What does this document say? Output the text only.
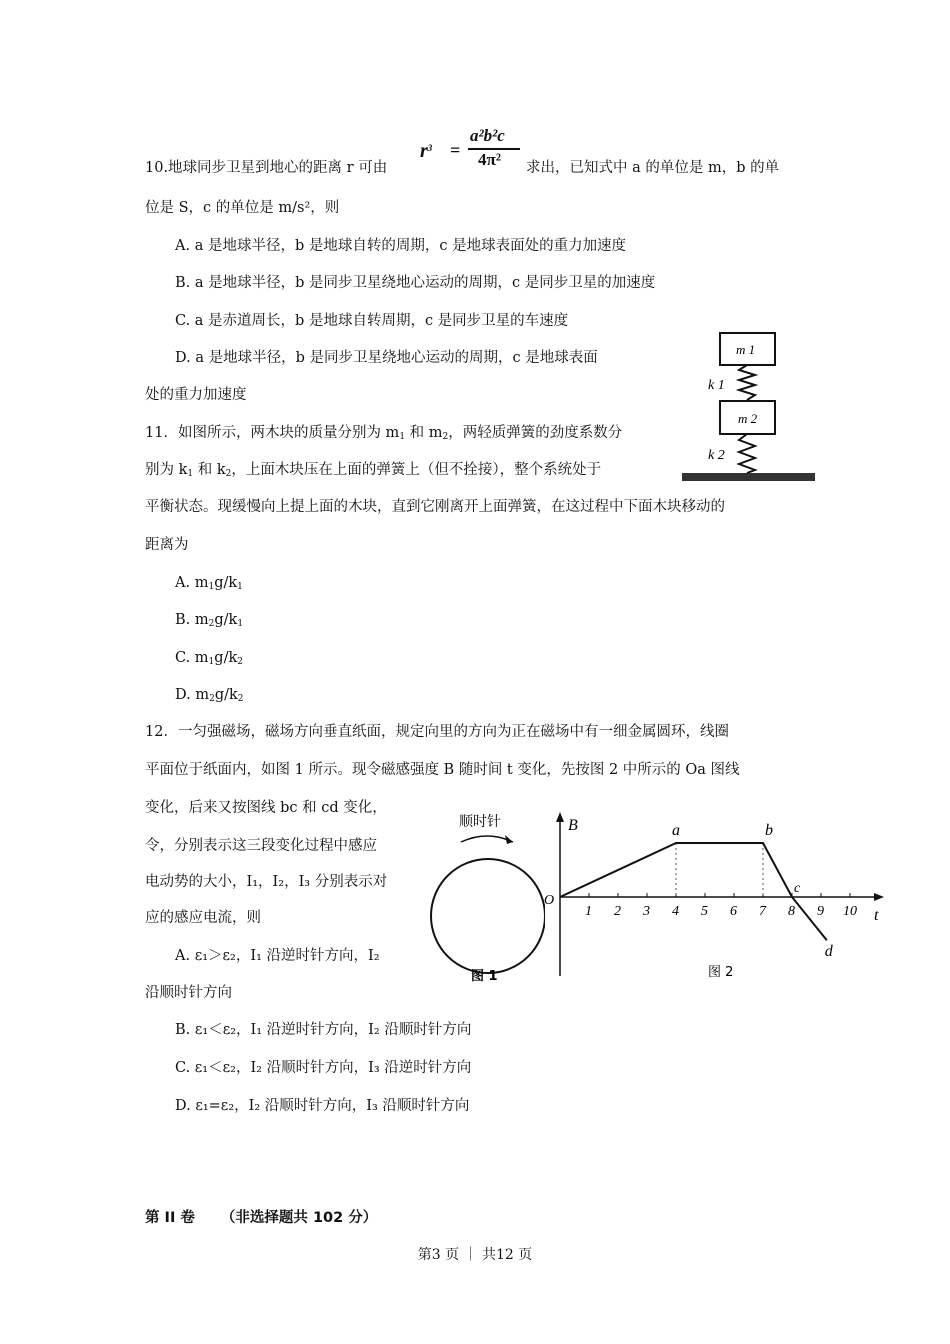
10.地球同步卫星到地心的距离 r 可由
$r^3$ =
a²b²c
4π² 求出，已知式中 a 的单位是 m，b 的单
位是 S，c 的单位是 m/s²，则
A. a 是地球半径，b 是地球自转的周期，c 是地球表面处的重力加速度
B. a 是地球半径，b 是同步卫星绕地心运动的周期，c 是同步卫星的加速度
C. a 是赤道周长，b 是地球自转周期，c 是同步卫星的车速度
D. a 是地球半径，b 是同步卫星绕地心运动的周期，c 是地球表面
处的重力加速度
11．如图所示，两木块的质量分别为 $m_1$ 和 $m_2$，两轻质弹簧的劲度系数分
别为 $k_1$ 和 $k_2$，上面木块压在上面的弹簧上（但不拴接），整个系统处于
平衡状态。现缓慢向上提上面的木块，直到它刚离开上面弹簧，在这过程中下面木块移动的
距离为
A. $m_1g/k_1$
B. $m_2g/k_1$
C. $m_1g/k_2$
D. $m_2g/k_2$
m 1
k 1
m 2
k 2
12．一匀强磁场，磁场方向垂直纸面，规定向里的方向为正在磁场中有一细金属圆环，线圈
平面位于纸面内，如图 1 所示。现令磁感强度 B 随时间 t 变化，先按图 2 中所示的 Oa 图线
变化，后来又按图线 bc 和 cd 变化，
令，分别表示这三段变化过程中感应
电动势的大小，I₁，I₂，I₃ 分别表示对
应的感应电流，则
A. ε₁＞ε₂，I₁ 沿逆时针方向，I₂
沿顺时针方向
B. ε₁＜ε₂，I₁ 沿逆时针方向，I₂ 沿顺时针方向
C. ε₁＜ε₂，I₂ 沿顺时针方向，I₃ 沿逆时针方向
D. ε₁=ε₂，I₂ 沿顺时针方向，I₃ 沿顺时针方向
顺时针
图 1
B
t
O
1 2 3 4 5 6 7 8 9 10
a	b
c
d
图 2
第 II 卷 （非选择题共 102 分）
第3 页 ｜ 共12 页
